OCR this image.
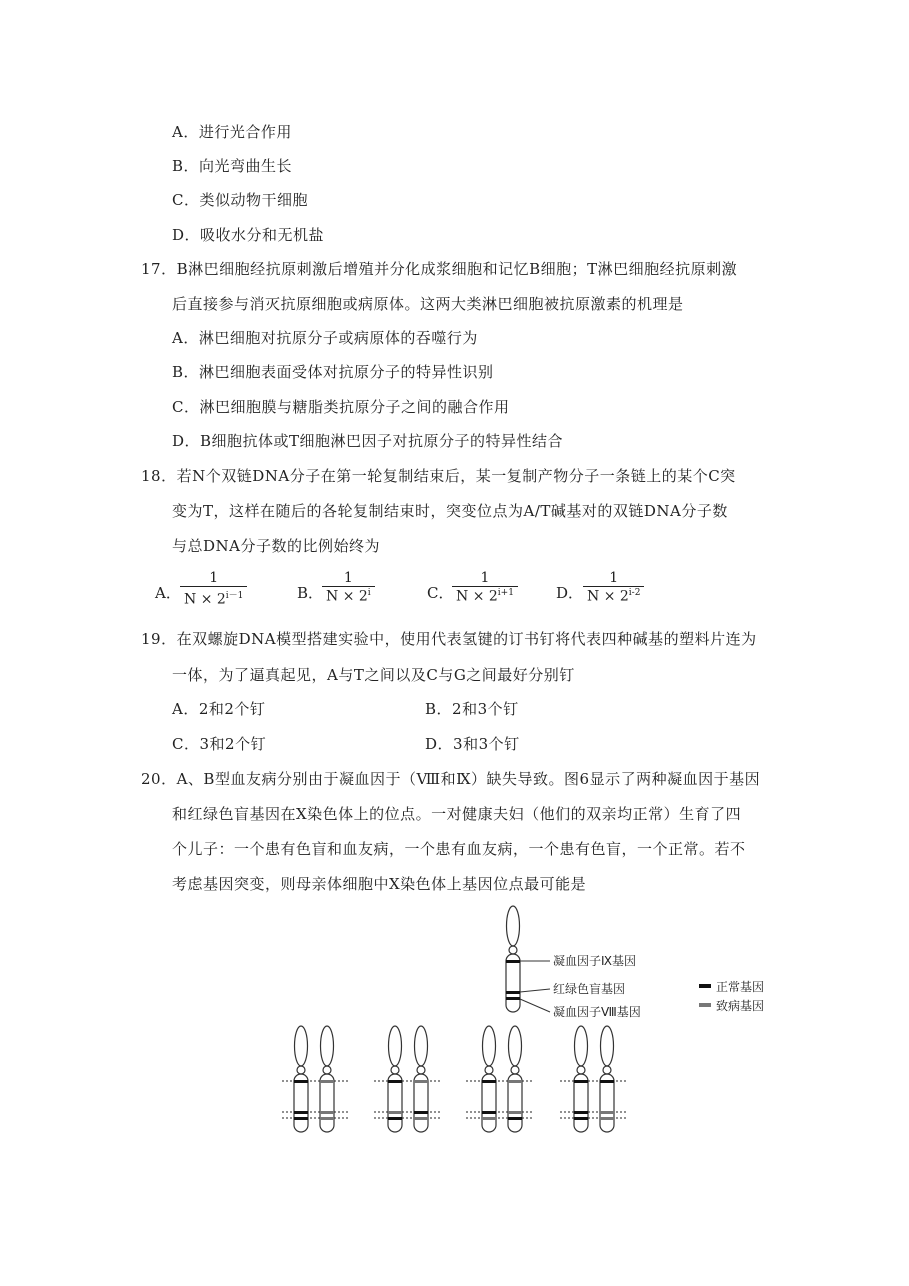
A．进行光合作用
B．向光弯曲生长
C．类似动物干细胞
D．吸收水分和无机盐
17．B淋巴细胞经抗原刺激后增殖并分化成浆细胞和记忆B细胞；T淋巴细胞经抗原刺激
后直接参与消灭抗原细胞或病原体。这两大类淋巴细胞被抗原激素的机理是
A．淋巴细胞对抗原分子或病原体的吞噬行为
B．淋巴细胞表面受体对抗原分子的特异性识别
C．淋巴细胞膜与糖脂类抗原分子之间的融合作用
D．B细胞抗体或T细胞淋巴因子对抗原分子的特异性结合
18．若N个双链DNA分子在第一轮复制结束后，某一复制产物分子一条链上的某个C突
变为T，这样在随后的各轮复制结束时，突变位点为A/T碱基对的双链DNA分子数
与总DNA分子数的比例始终为
A． $\frac{1}{N \times 2^{i-1}}$	B．
$\frac{1}{N \times 2^i}$	C．
$\frac{1}{N \times 2^{i+1}}$	D． $\frac{1}{N \times 2^{i-2}}$
19．在双螺旋DNA模型搭建实验中，使用代表氢键的订书钉将代表四种碱基的塑料片连为
一体，为了逼真起见，A与T之间以及C与G之间最好分别钉
A．2和2个钉	B．2和3个钉
C．3和2个钉	D．3和3个钉
20．A、B型血友病分别由于凝血因于（Ⅷ和Ⅸ）缺失导致。图6显示了两种凝血因于基因
和红绿色盲基因在X染色体上的位点。一对健康夫妇（他们的双亲均正常）生育了四
个儿子：一个患有色盲和血友病，一个患有血友病，一个患有色盲，一个正常。若不
考虑基因突变，则母亲体细胞中X染色体上基因位点最可能是
凝血因子Ⅸ基因
红绿色盲基因
凝血因子Ⅷ基因
正常基因
致病基因
